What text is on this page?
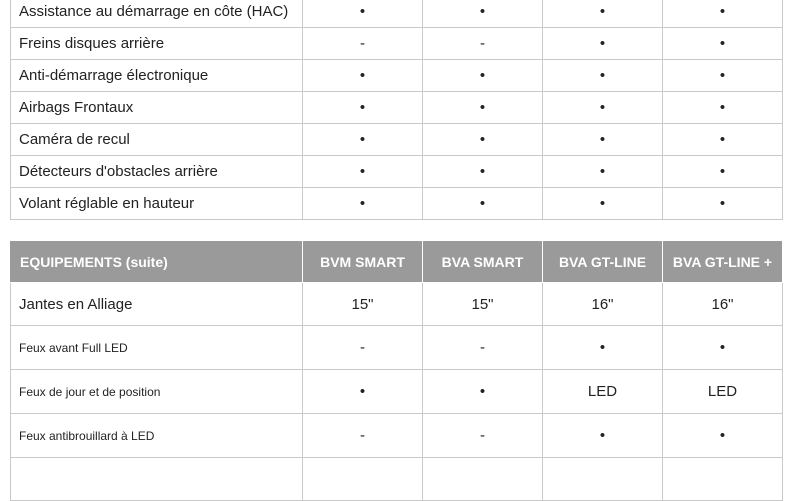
Assistance au démarrage en côte (HAC)	•	•	•	•
Freins disques arrière	-	-	•	•
Anti-démarrage électronique	•	•	•	•
Airbags Frontaux	•	•	•	•
Caméra de recul	•	•	•	•
Détecteurs d'obstacles arrière	•	•	•	•
Volant réglable en hauteur	•	•	•	•
EQUIPEMENTS (suite)	BVM SMART	BVA SMART	BVA GT-LINE	BVA GT-LINE +
Jantes en Alliage	15"	15"	16"	16"
Feux avant Full LED	-	-	•	•
Feux de jour et de position	•	•	LED	LED
Feux antibrouillard à LED	-	-	•	•
